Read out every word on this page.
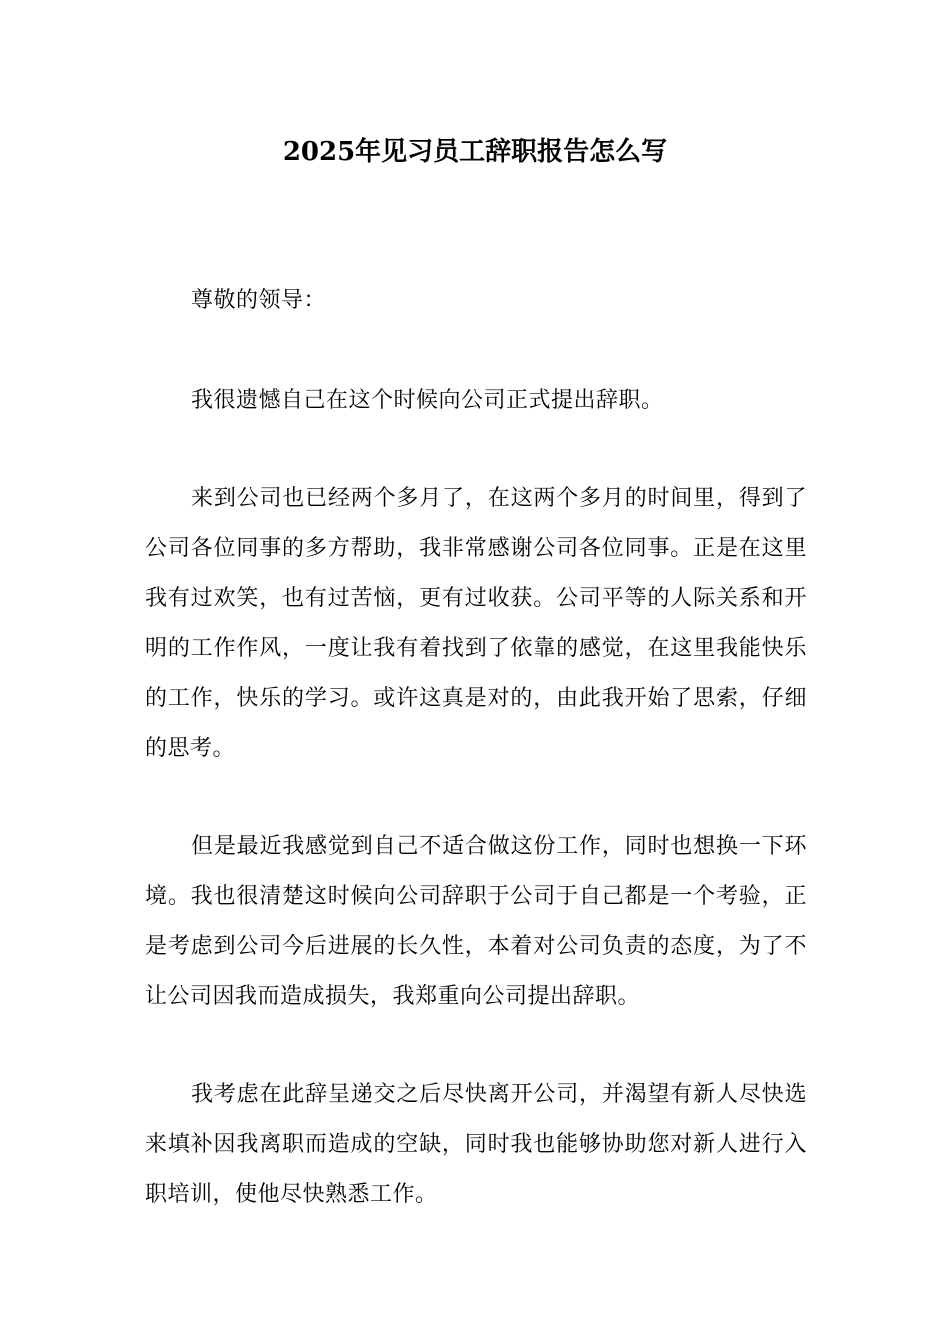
2025年见习员工辞职报告怎么写

尊敬的领导：

我很遗憾自己在这个时候向公司正式提出辞职。

来到公司也已经两个多月了，在这两个多月的时间里，得到了公司各位同事的多方帮助，我非常感谢公司各位同事。正是在这里我有过欢笑，也有过苦恼，更有过收获。公司平等的人际关系和开明的工作作风，一度让我有着找到了依靠的感觉，在这里我能快乐的工作，快乐的学习。或许这真是对的，由此我开始了思索，仔细的思考。

但是最近我感觉到自己不适合做这份工作，同时也想换一下环境。我也很清楚这时候向公司辞职于公司于自己都是一个考验，正是考虑到公司今后进展的长久性，本着对公司负责的态度，为了不让公司因我而造成损失，我郑重向公司提出辞职。

我考虑在此辞呈递交之后尽快离开公司，并渴望有新人尽快选来填补因我离职而造成的空缺，同时我也能够协助您对新人进行入职培训，使他尽快熟悉工作。
